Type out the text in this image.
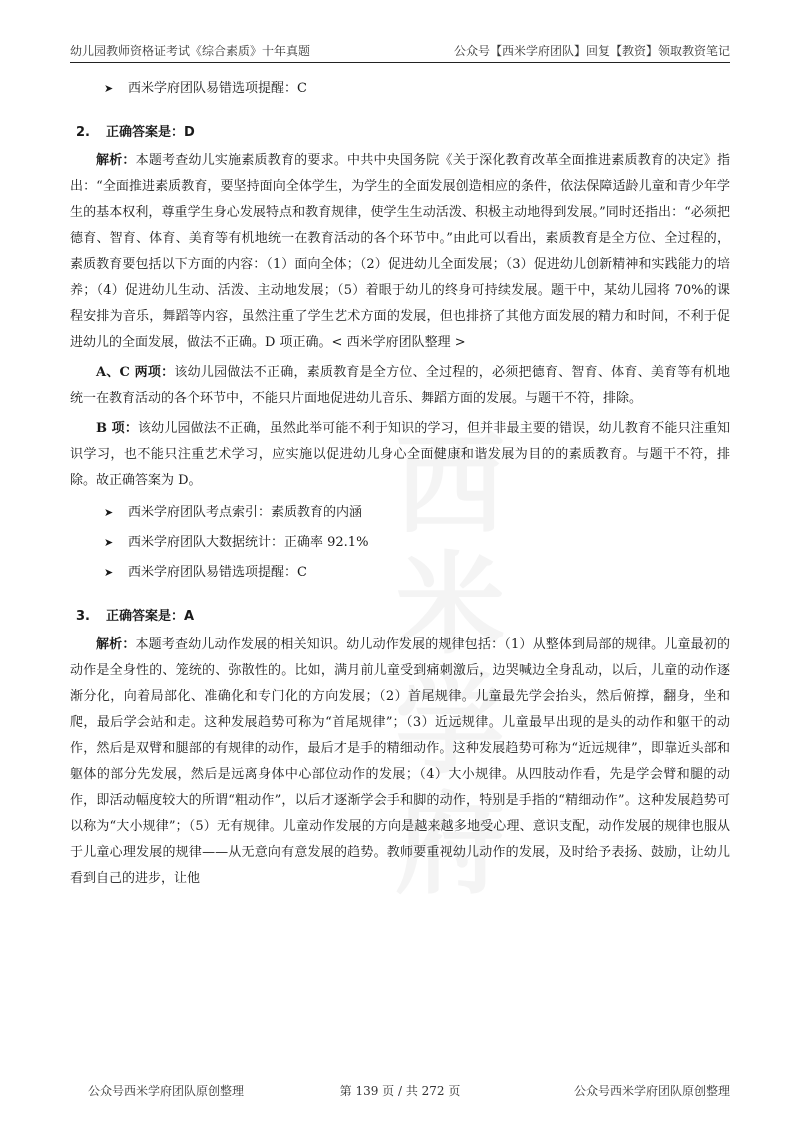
幼儿园教师资格证考试《综合素质》十年真题	公众号【西米学府团队】回复【教资】领取教资笔记
➤ 西米学府团队易错选项提醒：C
2. 正确答案是：D

解析：本题考查幼儿实施素质教育的要求。中共中央国务院《关于深化教育改革全面推进素质教育的决定》指出：“全面推进素质教育，要坚持面向全体学生，为学生的全面发展创造相应的条件，依法保障适龄儿童和青少年学生的基本权利，尊重学生身心发展特点和教育规律，使学生生动活泼、积极主动地得到发展。”同时还指出：“必须把德育、智育、体育、美育等有机地统一在教育活动的各个环节中。”由此可以看出，素质教育是全方位、全过程的，素质教育要包括以下方面的内容：（1）面向全体；（2）促进幼儿全面发展；（3）促进幼儿创新精神和实践能力的培养；（4）促进幼儿生动、活泼、主动地发展；（5）着眼于幼儿的终身可持续发展。题干中，某幼儿园将 70%的课程安排为音乐，舞蹈等内容，虽然注重了学生艺术方面的发展，但也排挤了其他方面发展的精力和时间，不利于促进幼儿的全面发展，做法不正确。D 项正确。< 西米学府团队整理 >

A、C 两项：该幼儿园做法不正确，素质教育是全方位、全过程的，必须把德育、智育、体育、美育等有机地统一在教育活动的各个环节中，不能只片面地促进幼儿音乐、舞蹈方面的发展。与题干不符，排除。

B 项：该幼儿园做法不正确，虽然此举可能不利于知识的学习，但并非最主要的错误，幼儿教育不能只注重知识学习，也不能只注重艺术学习，应实施以促进幼儿身心全面健康和谐发展为目的的素质教育。与题干不符，排除。故正确答案为 D。

➤ 西米学府团队考点索引：素质教育的内涵
➤ 西米学府团队大数据统计：正确率 92.1%
➤ 西米学府团队易错选项提醒：C
3. 正确答案是：A

解析：本题考查幼儿动作发展的相关知识。幼儿动作发展的规律包括：（1）从整体到局部的规律。儿童最初的动作是全身性的、笼统的、弥散性的。比如，满月前儿童受到痛刺激后，边哭喊边全身乱动，以后，儿童的动作逐渐分化，向着局部化、准确化和专门化的方向发展；（2）首尾规律。儿童最先学会抬头，然后俯撑，翻身，坐和爬，最后学会站和走。这种发展趋势可称为“首尾规律”；（3）近远规律。儿童最早出现的是头的动作和躯干的动作，然后是双臂和腿部的有规律的动作，最后才是手的精细动作。这种发展趋势可称为“近远规律”，即靠近头部和躯体的部分先发展，然后是远离身体中心部位动作的发展；（4）大小规律。从四肢动作看，先是学会臂和腿的动作，即活动幅度较大的所谓“粗动作”，以后才逐渐学会手和脚的动作，特别是手指的“精细动作”。这种发展趋势可以称为“大小规律”；（5）无有规律。儿童动作发展的方向是越来越多地受心理、意识支配，动作发展的规律也服从于儿童心理发展的规律——从无意向有意发展的趋势。教师要重视幼儿动作的发展，及时给予表扬、鼓励，让幼儿看到自己的进步，让他

公众号西米学府团队原创整理	第 139 页 / 共 272 页	公众号西米学府团队原创整理
